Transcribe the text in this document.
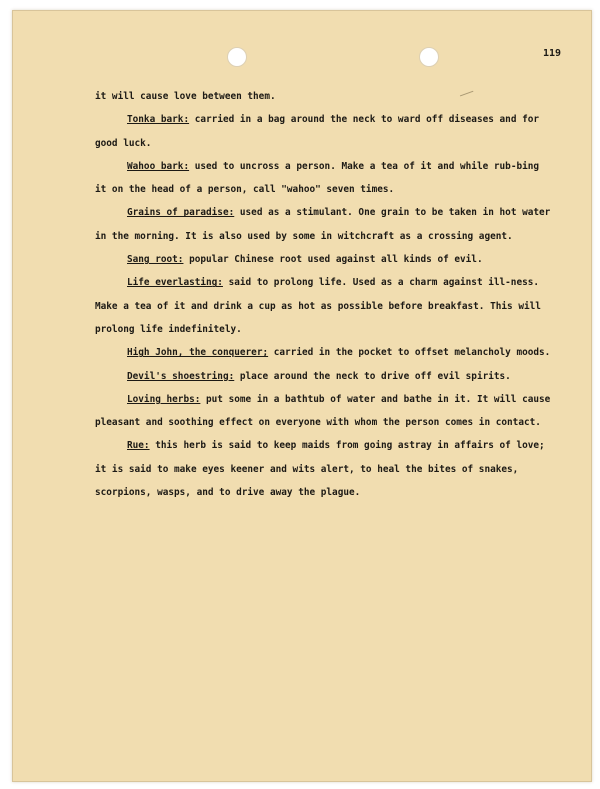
119

it will cause love between them.

Tonka bark: carried in a bag around the neck to ward off diseases and for good luck.

Wahoo bark: used to uncross a person. Make a tea of it and while rub-bing it on the head of a person, call "wahoo" seven times.

Grains of paradise: used as a stimulant. One grain to be taken in hot water in the morning. It is also used by some in witchcraft as a crossing agent.

Sang root: popular Chinese root used against all kinds of evil.

Life everlasting: said to prolong life. Used as a charm against ill-ness. Make a tea of it and drink a cup as hot as possible before breakfast. This will prolong life indefinitely.

High John, the conquerer; carried in the pocket to offset melancholy moods.

Devil's shoestring: place around the neck to drive off evil spirits.

Loving herbs: put some in a bathtub of water and bathe in it. It will cause pleasant and soothing effect on everyone with whom the person comes in contact.

Rue: this herb is said to keep maids from going astray in affairs of love; it is said to make eyes keener and wits alert, to heal the bites of snakes, scorpions, wasps, and to drive away the plague.
